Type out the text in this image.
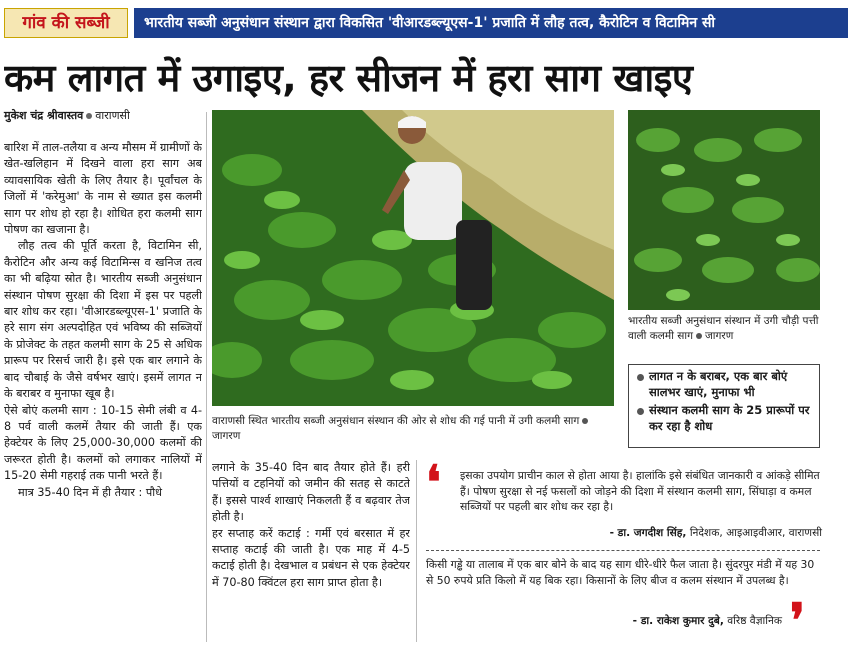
गांव की सब्जी	भारतीय सब्जी अनुसंधान संस्थान द्वारा विकसित 'वीआरडब्ल्यूएस-1' प्रजाति में लौह तत्व, कैरोटिन व विटामिन सी
कम लागत में उगाइए, हर सीजन में हरा साग खाइए
मुकेश चंद्र श्रीवास्तव वाराणसी

बारिश में ताल-तलैया व अन्य मौसम में ग्रामीणों के खेत-खलिहान में दिखने वाला हरा साग अब व्यावसायिक खेती के लिए तैयार है। पूर्वांचल के जिलों में 'करेमुआ' के नाम से ख्यात इस कलमी साग पर शोध हो रहा है। शोधित हरा कलमी साग पोषण का खजाना है।

लौह तत्व की पूर्ति करता है, विटामिन सी, कैरोटिन और अन्य कई विटामिन्स व खनिज तत्व का भी बढ़िया स्रोत है। भारतीय सब्जी अनुसंधान संस्थान पोषण सुरक्षा की दिशा में इस पर पहली बार शोध कर रहा। 'वीआरडब्ल्यूएस-1' प्रजाति के हरे साग संग अल्पदोहित एवं भविष्य की सब्जियों के प्रोजेक्ट के तहत कलमी साग के 25 से अधिक प्रारूप पर रिसर्च जारी है। इसे एक बार लगाने के बाद चौबाई के जैसे वर्षभर खाएं। इसमें लागत न के बराबर व मुनाफा खूब है।

ऐसे बोएं कलमी साग : 10-15 सेमी लंबी व 4-8 पर्व वाली कलमें तैयार की जाती हैं। एक हेक्टेयर के लिए 25,000-30,000 कलमों की जरूरत होती है। कलमों को लगाकर नालियों में 15-20 सेमी गहराई तक पानी भरते हैं।

मात्र 35-40 दिन में ही तैयार : पौधे

वाराणसी स्थित भारतीय सब्जी अनुसंधान संस्थान की ओर से शोध की गई पानी में उगी कलमी सागजागरण
भारतीय सब्जी अनुसंधान संस्थान में उगी चौड़ी पत्ती वाली कलमी साग जागरण
लागत न के बराबर, एक बार बोएं सालभर खाएं, मुनाफा भी
संस्थान कलमी साग के 25 प्रारूपों पर कर रहा है शोध

लगाने के 35-40 दिन बाद तैयार होते हैं। हरी पत्तियों व टहनियों को जमीन की सतह से काटते हैं। इससे पार्श्व शाखाएं निकलती हैं व बढ़वार तेज होती है।

हर सप्ताह करें कटाई : गर्मी एवं बरसात में हर सप्ताह कटाई की जाती है। एक माह में 4-5 कटाई होती है। देखभाल व प्रबंधन से एक हेक्टेयर में 70-80 क्विंटल हरा साग प्राप्त होता है।

❛ इसका उपयोग प्राचीन काल से होता आया है। हालांकि इसे संबंधित जानकारी व आंकड़े सीमित हैं। पोषण सुरक्षा से नई फसलों को जोड़ने की दिशा में संस्थान कलमी साग, सिंघाड़ा व कमल सब्जियों पर पहली बार शोध कर रहा है।
- डा. जगदीश सिंह, निदेशक, आइआइवीआर, वाराणसी
किसी गड्ढे या तालाब में एक बार बोने के बाद यह साग धीरे-धीरे फैल जाता है। सुंदरपुर मंडी में यह 30 से 50 रुपये प्रति किलो में यह बिक रहा। किसानों के लिए बीज व कलम संस्थान में उपलब्ध है।
- डा. राकेश कुमार दुबे, वरिष्ठ वैज्ञानिक ❜
